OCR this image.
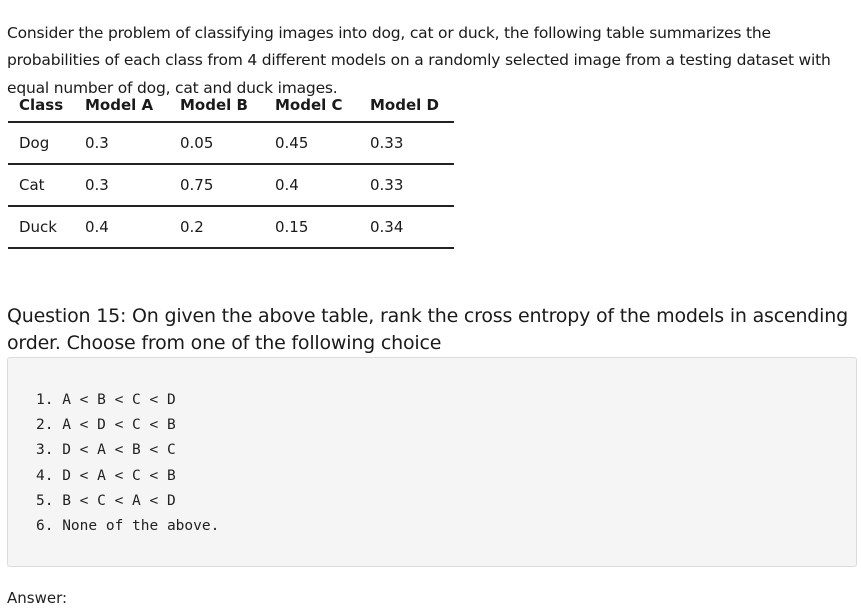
Consider the problem of classifying images into dog, cat or duck, the following table summarizes the probabilities of each class from 4 different models on a randomly selected image from a testing dataset with equal number of dog, cat and duck images.

Class	Model A	Model B	Model C	Model D
Dog	0.3	0.05	0.45	0.33
Cat	0.3	0.75	0.4	0.33
Duck	0.4	0.2	0.15	0.34

Question 15: On given the above table, rank the cross entropy of the models in ascending order. Choose from one of the following choice

1. A < B < C < D
2. A < D < C < B
3. D < A < B < C
4. D < A < C < B
5. B < C < A < D
6. None of the above.
Answer:
